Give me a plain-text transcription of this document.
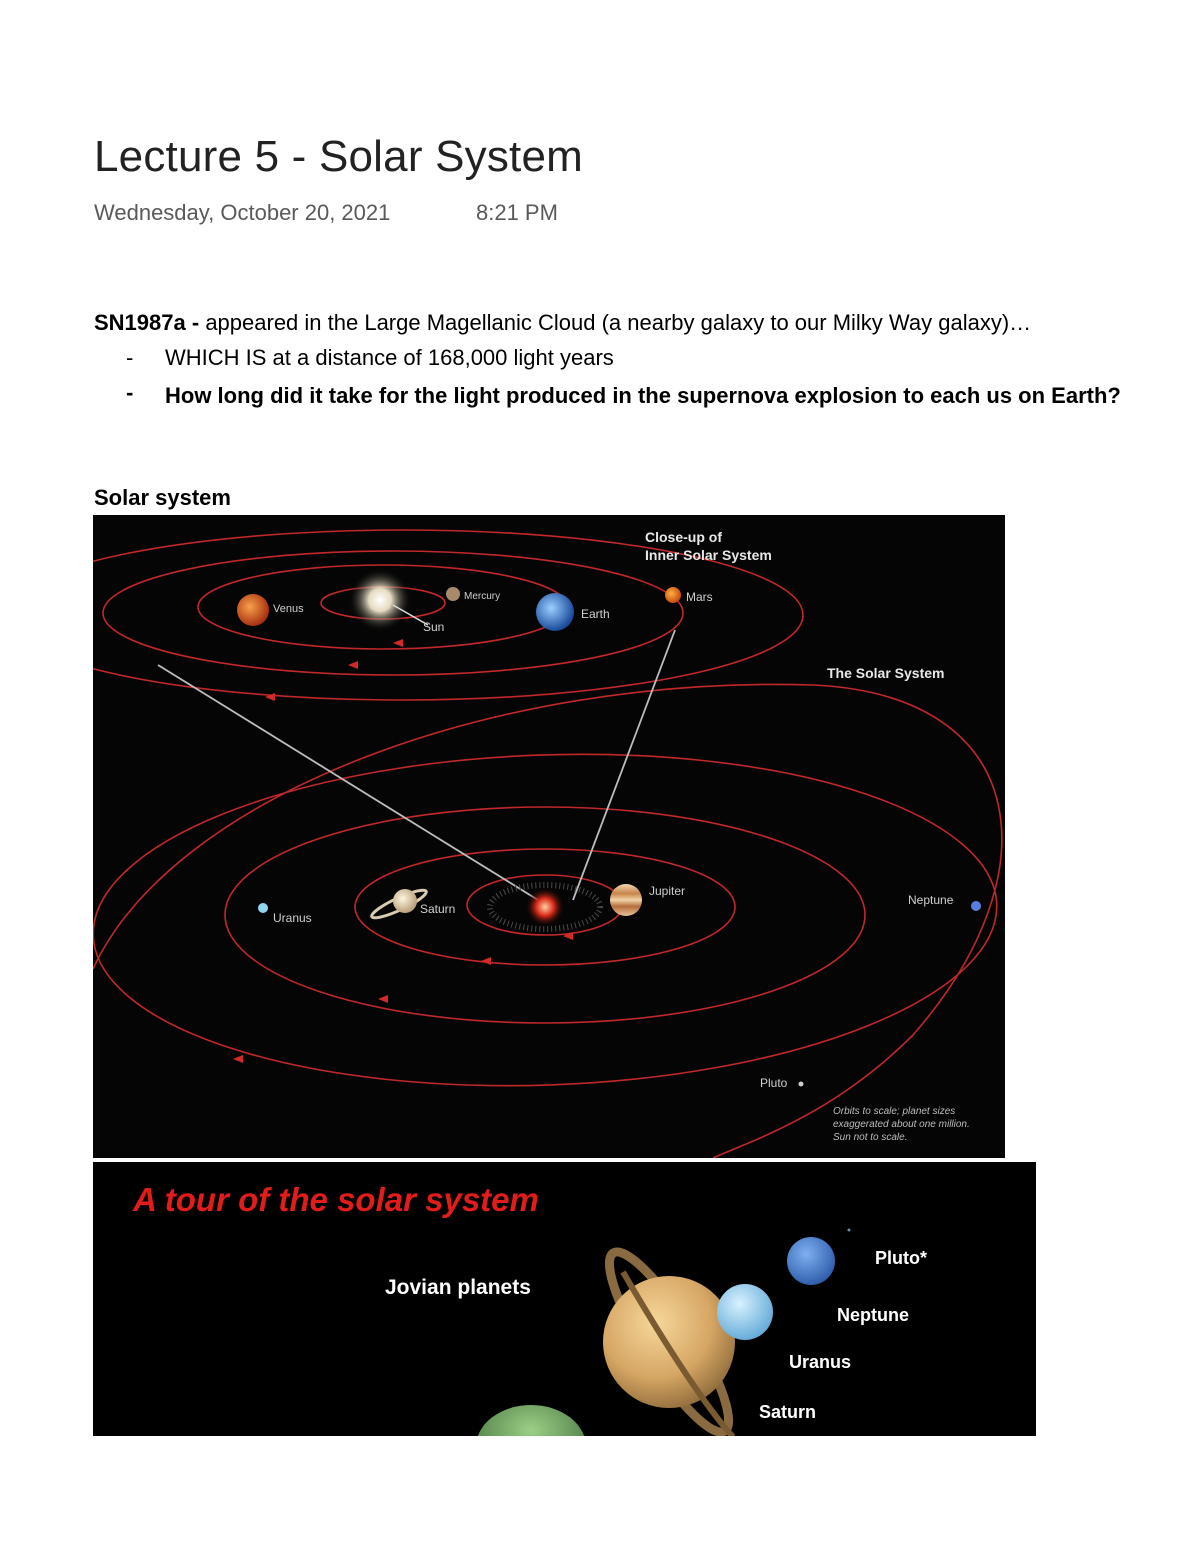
Lecture 5 - Solar System
Wednesday, October 20, 2021	8:21 PM
SN1987a - appeared in the Large Magellanic Cloud (a nearby galaxy to our Milky Way galaxy)…
- WHICH IS at a distance of 168,000 light years
- How long did it take for the light produced in the supernova explosion to each us on Earth?
Solar system
Close-up of
Inner Solar System
Venus
Mercury
Sun
Earth
Mars
The Solar System
Jupiter
Saturn
Uranus
Neptune
Pluto
Orbits to scale; planet sizes
exaggerated about one million.
Sun not to scale.
A tour of the solar system
Jovian planets
Pluto*
Neptune
Uranus
Saturn
